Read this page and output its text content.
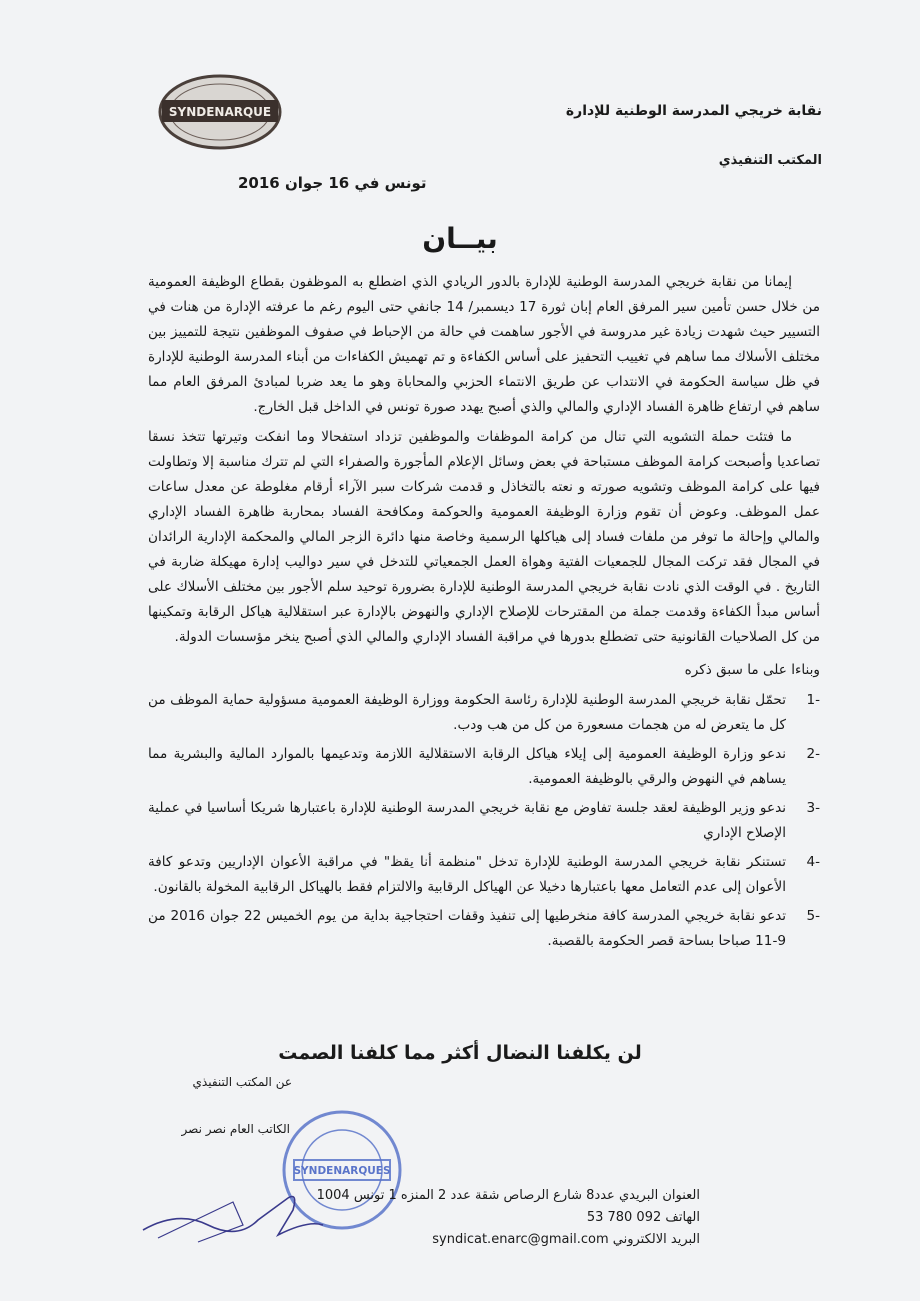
SYNDENARQUE	نقابة خريجي المدرسة الوطنية للإدارة
المكتب التنفيذي
تونس في 16 جوان 2016
بيــان

إيمانا من نقابة خريجي المدرسة الوطنية للإدارة بالدور الريادي الذي اضطلع به الموظفون بقطاع الوظيفة العمومية من خلال حسن تأمين سير المرفق العام إبان ثورة 17 ديسمبر/ 14 جانفي حتى اليوم رغم ما عرفته الإدارة من هنات في التسيير حيث شهدت زيادة غير مدروسة في الأجور ساهمت في حالة من الإحباط في صفوف الموظفين نتيجة للتمييز بين مختلف الأسلاك مما ساهم في تغييب التحفيز على أساس الكفاءة و تم تهميش الكفاءات من أبناء المدرسة الوطنية للإدارة في ظل سياسة الحكومة في الانتداب عن طريق الانتماء الحزبي والمحاباة وهو ما يعد ضربا لمبادئ المرفق العام مما ساهم في ارتفاع ظاهرة الفساد الإداري والمالي والذي أصبح يهدد صورة تونس في الداخل قبل الخارج.

ما فتئت حملة التشويه التي تنال من كرامة الموظفات والموظفين تزداد استفحالا وما انفكت وتيرتها تتخذ نسقا تصاعديا وأصبحت كرامة الموظف مستباحة في بعض وسائل الإعلام المأجورة والصفراء التي لم تترك مناسبة إلا وتطاولت فيها على كرامة الموظف وتشويه صورته و نعته بالتخاذل و قدمت شركات سبر الآراء أرقام مغلوطة عن معدل ساعات عمل الموظف. وعوض أن تقوم وزارة الوظيفة العمومية والحوكمة ومكافحة الفساد بمحاربة ظاهرة الفساد الإداري والمالي وإحالة ما توفر من ملفات فساد إلى هياكلها الرسمية وخاصة منها دائرة الزجر المالي والمحكمة الإدارية الرائدان في المجال فقد تركت المجال للجمعيات الفتية وهواة العمل الجمعياتي للتدخل في سير دواليب إدارة مهيكلة ضاربة في التاريخ . في الوقت الذي نادت نقابة خريجي المدرسة الوطنية للإدارة بضرورة توحيد سلم الأجور بين مختلف الأسلاك على أساس مبدأ الكفاءة وقدمت جملة من المقترحات للإصلاح الإداري والنهوض بالإدارة عبر استقلالية هياكل الرقابة وتمكينها من كل الصلاحيات القانونية حتى تضطلع بدورها في مراقبة الفساد الإداري والمالي الذي أصبح ينخر مؤسسات الدولة.

وبناءا على ما سبق ذكره
-1
تحمّل نقابة خريجي المدرسة الوطنية للإدارة رئاسة الحكومة ووزارة الوظيفة العمومية مسؤولية حماية الموظف من كل ما يتعرض له من هجمات مسعورة من كل من هب ودب.
-2
ندعو وزارة الوظيفة العمومية إلى إيلاء هياكل الرقابة الاستقلالية اللازمة وتدعيمها بالموارد المالية والبشرية مما يساهم في النهوض والرقي بالوظيفة العمومية.
-3
ندعو وزير الوظيفة لعقد جلسة تفاوض مع نقابة خريجي المدرسة الوطنية للإدارة باعتبارها شريكا أساسيا في عملية الإصلاح الإداري
-4
تستنكر نقابة خريجي المدرسة الوطنية للإدارة تدخل "منظمة أنا يقظ" في مراقبة الأعوان الإداريين وتدعو كافة الأعوان إلى عدم التعامل معها باعتبارها دخيلا عن الهياكل الرقابية والالتزام فقط بالهياكل الرقابية المخولة بالقانون.
-5
تدعو نقابة خريجي المدرسة كافة منخرطيها إلى تنفيذ وقفات احتجاجية بداية من يوم الخميس 22 جوان 2016 من 9-11 صباحا بساحة قصر الحكومة بالقصبة.
لن يكلفنا النضال أكثر مما كلفنا الصمت
عن المكتب التنفيذي
الكاتب العام نصر نصر
SYNDENARQUES
العنوان البريدي عدد8 شارع الرصاص شقة عدد 2 المنزه 1 تونس 1004
الهاتف 53 780 092
البريد الالكتروني syndicat.enarc@gmail.com
